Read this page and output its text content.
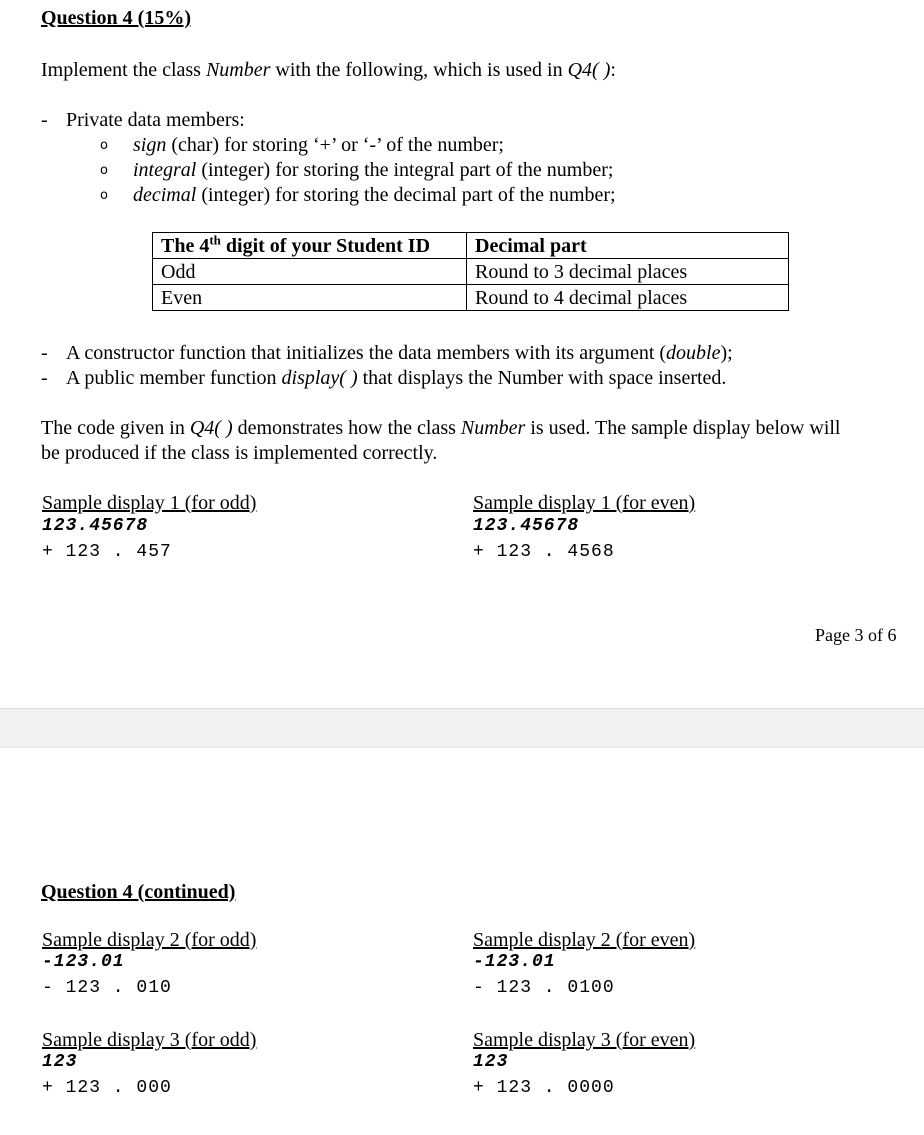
Question 4 (15%)
Implement the class Number with the following, which is used in Q4( ):
- Private data members:
o sign (char) for storing ‘+’ or ‘-’ of the number;
o integral (integer) for storing the integral part of the number;
o decimal (integer) for storing the decimal part of the number;
The 4th digit of your Student ID	Decimal part
Odd	Round to 3 decimal places
Even	Round to 4 decimal places
- A constructor function that initializes the data members with its argument (double);
- A public member function display( ) that displays the Number with space inserted.
The code given in Q4( ) demonstrates how the class Number is used. The sample display below will
be produced if the class is implemented correctly.
Sample display 1 (for odd)
123.45678
+ 123 . 457
Sample display 1 (for even)
123.45678
+ 123 . 4568
Page 3 of 6
Question 4 (continued)
Sample display 2 (for odd)
-123.01
- 123 . 010
Sample display 2 (for even)
-123.01
- 123 . 0100
Sample display 3 (for odd)
123
+ 123 . 000
Sample display 3 (for even)
123
+ 123 . 0000
